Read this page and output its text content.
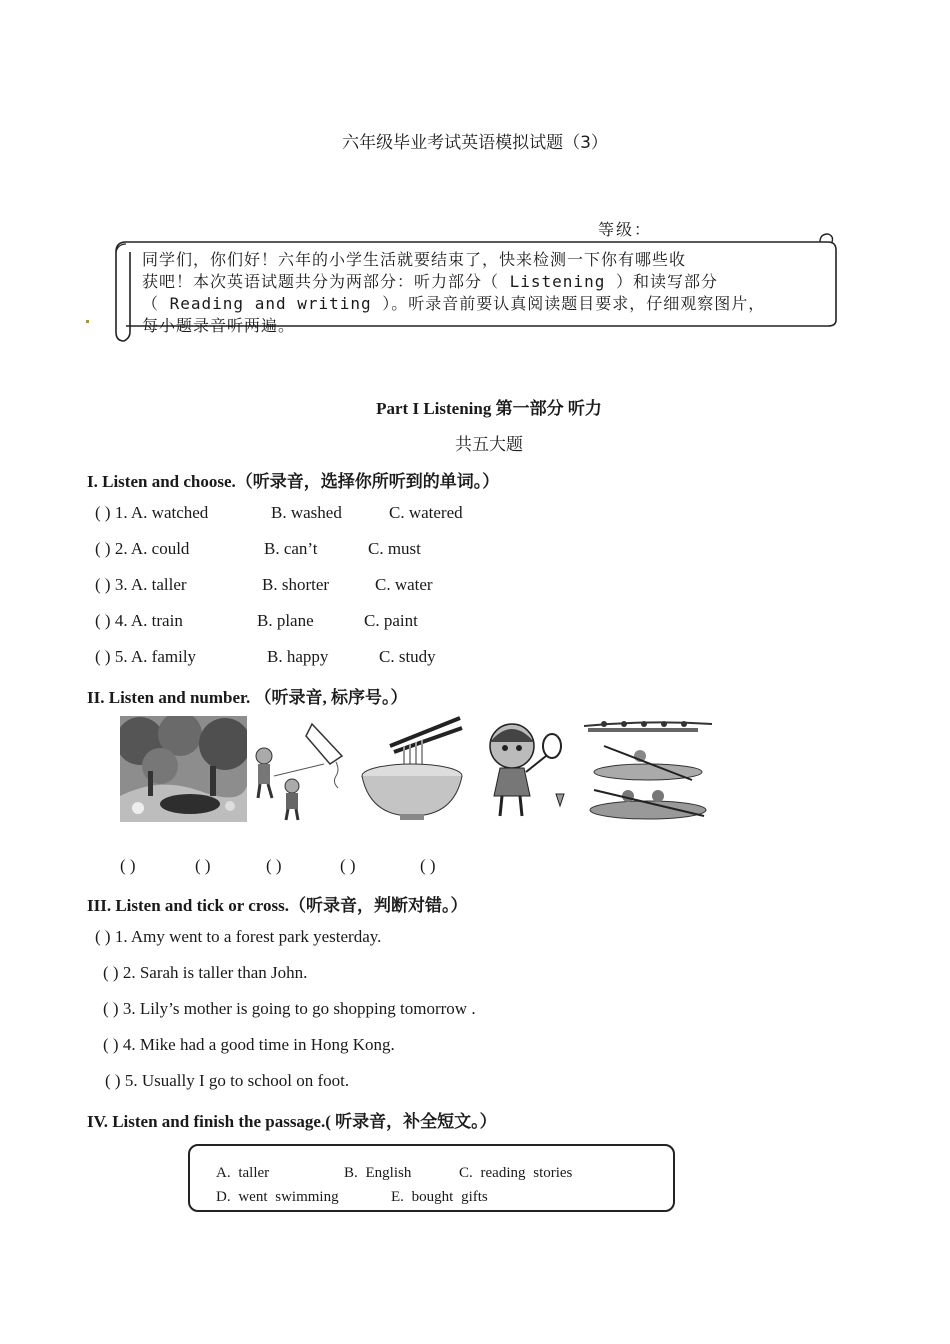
六年级毕业考试英语模拟试题（3）
等级：
同学们，你们好！六年的小学生活就要结束了，快来检测一下你有哪些收
获吧！本次英语试题共分为两部分：听力部分（ Listening ）和读写部分
（ Reading and writing ）。听录音前要认真阅读题目要求，仔细观察图片，
每小题录音听两遍。
Part I Listening 第一部分 听力
共五大题
I. Listen and choose.（听录音，选择你所听到的单词。）
( ) 1. A. watched	B. washed	C. watered
( ) 2. A. could	B. can’t	C. must
( ) 3. A. taller	B. shorter	C. water
( ) 4. A. train	B. plane	C. paint
( ) 5. A. family	B. happy	C. study
II. Listen and number. （听录音, 标序号。）
( )	( )	( )	( )	( )
III. Listen and tick or cross.（听录音，判断对错。）
( ) 1. Amy went to a forest park yesterday.
( ) 2. Sarah is taller than John.
( ) 3. Lily’s mother is going to go shopping tomorrow .
( ) 4. Mike had a good time in Hong Kong.
( ) 5. Usually I go to school on foot.
IV. Listen and finish the passage.( 听录音，补全短文。）
A. taller	B. English	C. reading stories
D. went swimming	E. bought gifts
